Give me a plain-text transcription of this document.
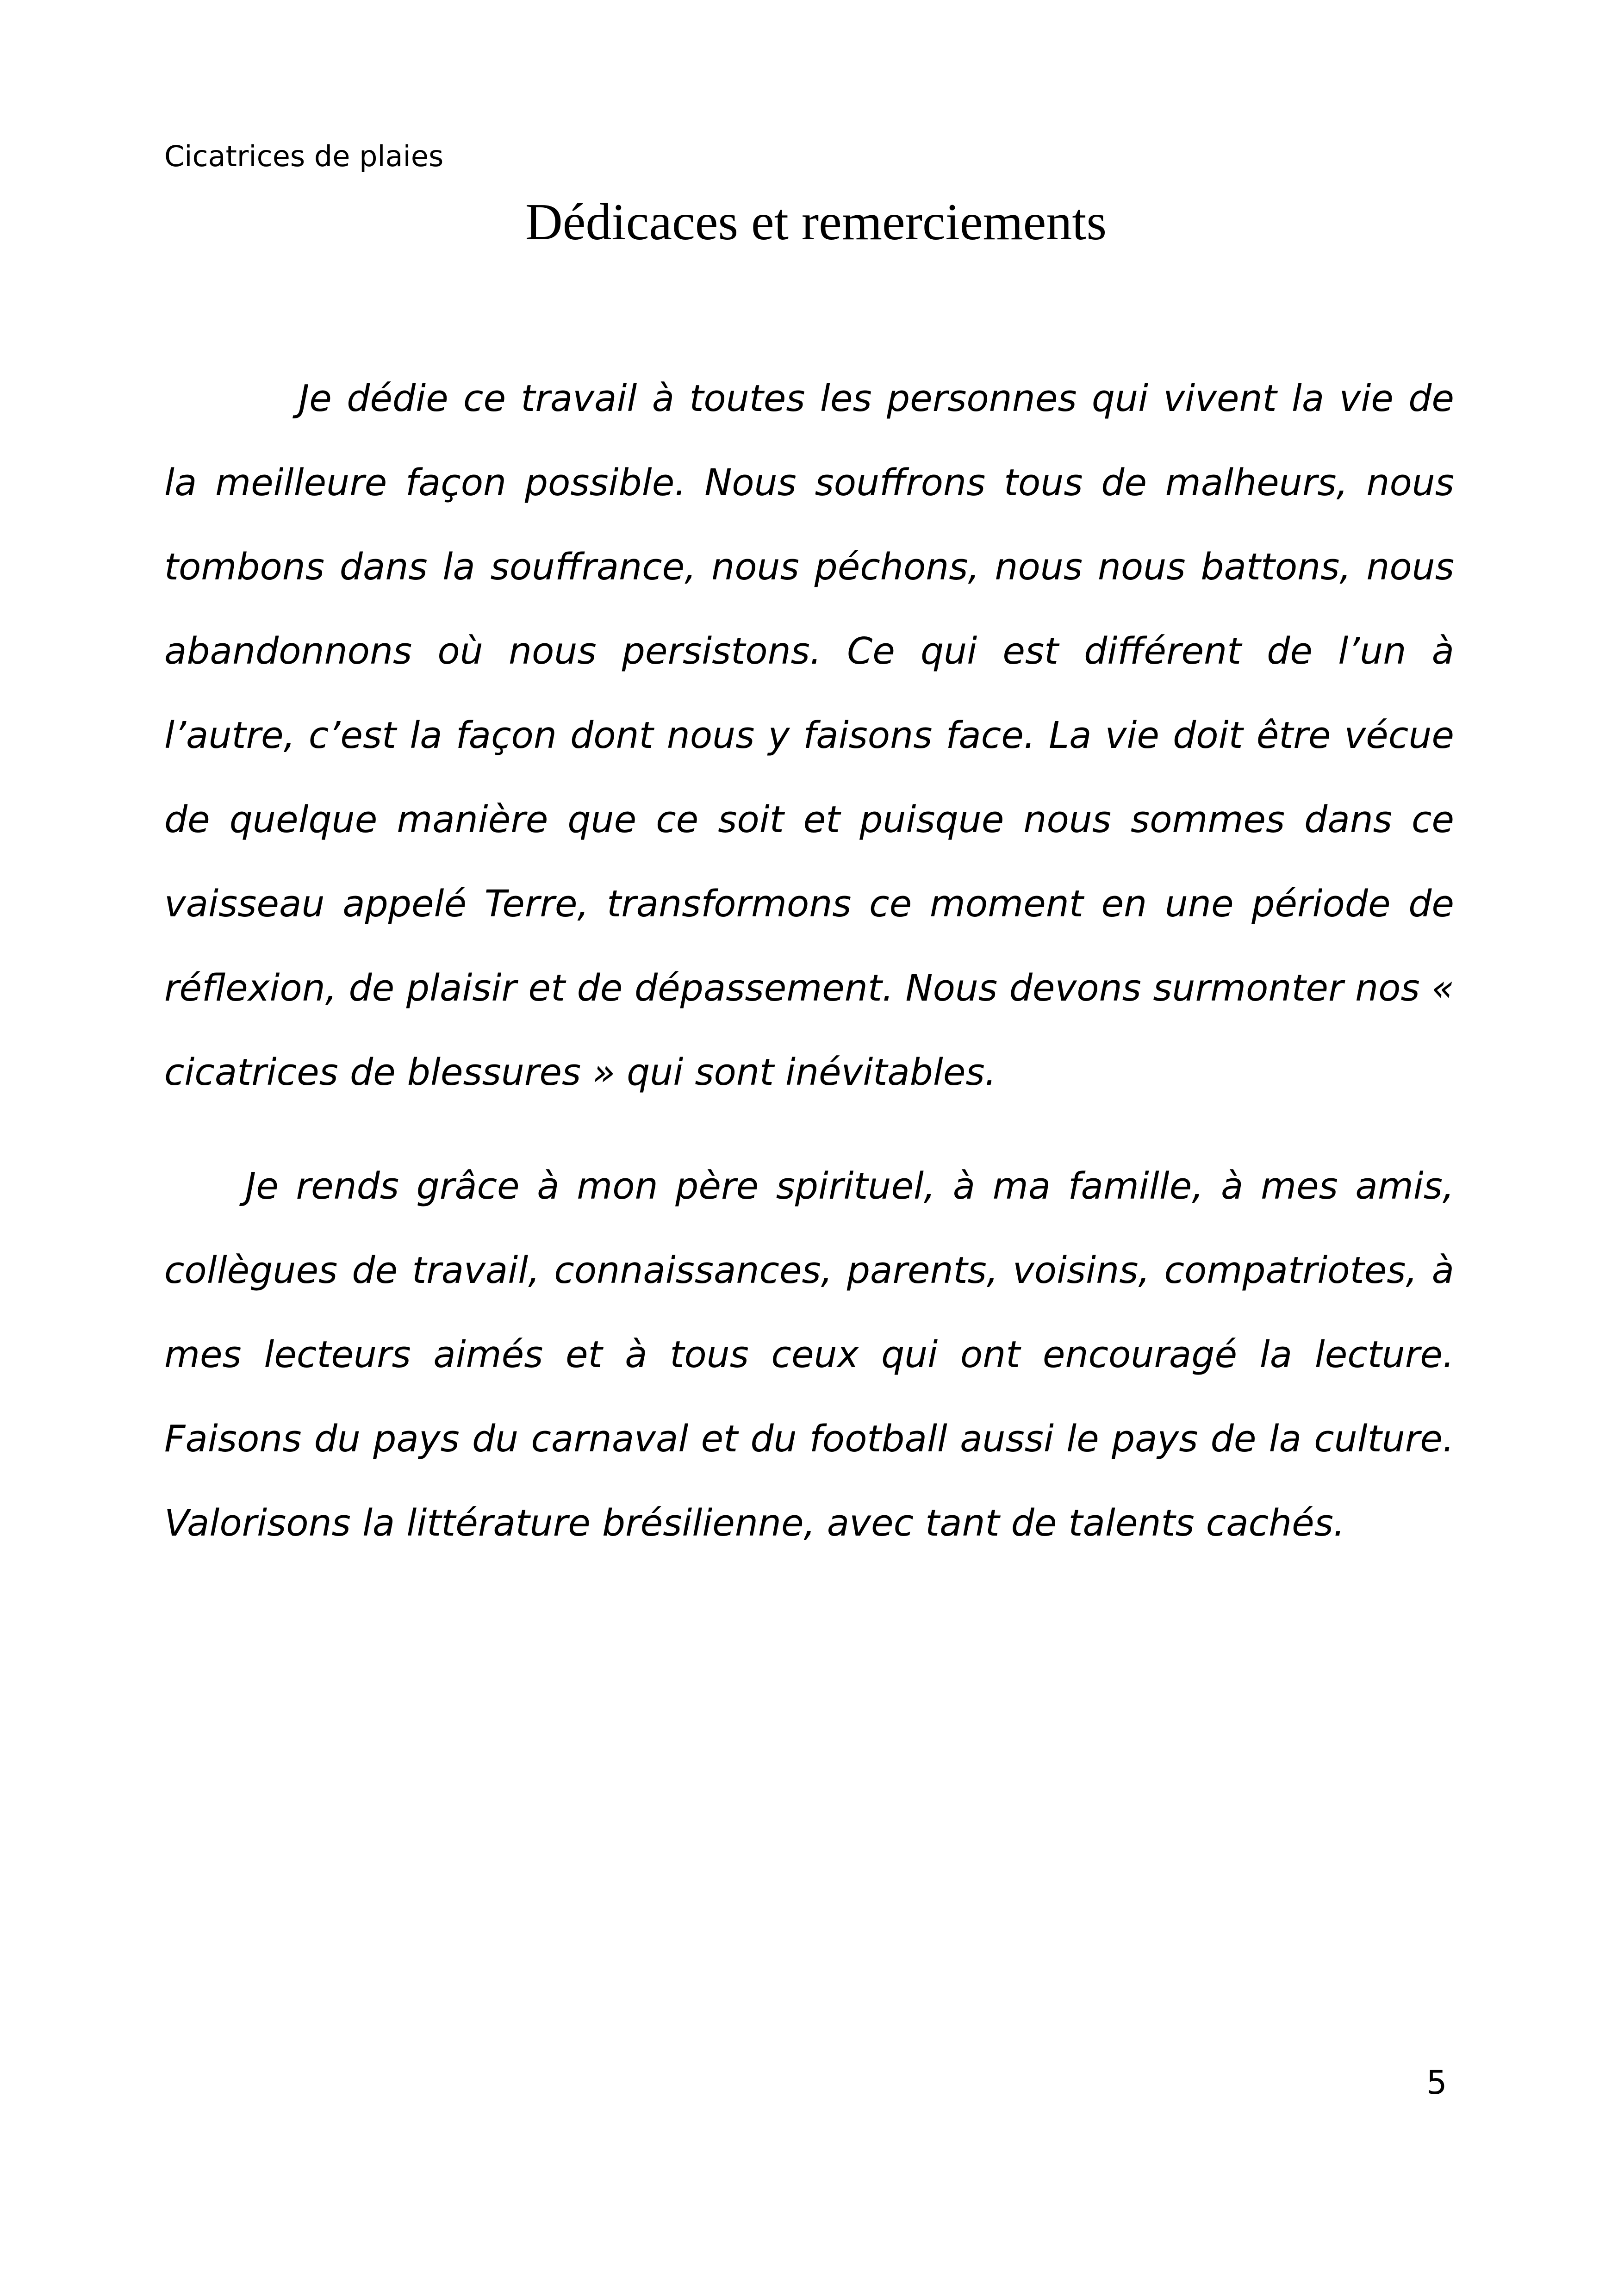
Cicatrices de plaies
Dédicaces et remerciements

Je dédie ce travail à toutes les personnes qui vivent la vie de la meilleure façon possible. Nous souffrons tous de malheurs, nous tombons dans la souffrance, nous péchons, nous nous battons, nous abandonnons où nous persistons. Ce qui est différent de l’un à l’autre, c’est la façon dont nous y faisons face. La vie doit être vécue de quelque manière que ce soit et puisque nous sommes dans ce vaisseau appelé Terre, transformons ce moment en une période de réflexion, de plaisir et de dépassement. Nous devons surmonter nos « cicatrices de blessures » qui sont inévitables.

Je rends grâce à mon père spirituel, à ma famille, à mes amis, collègues de travail, connaissances, parents, voisins, compatriotes, à mes lecteurs aimés et à tous ceux qui ont encouragé la lecture. Faisons du pays du carnaval et du football aussi le pays de la culture. Valorisons la littérature brésilienne, avec tant de talents cachés.

5
